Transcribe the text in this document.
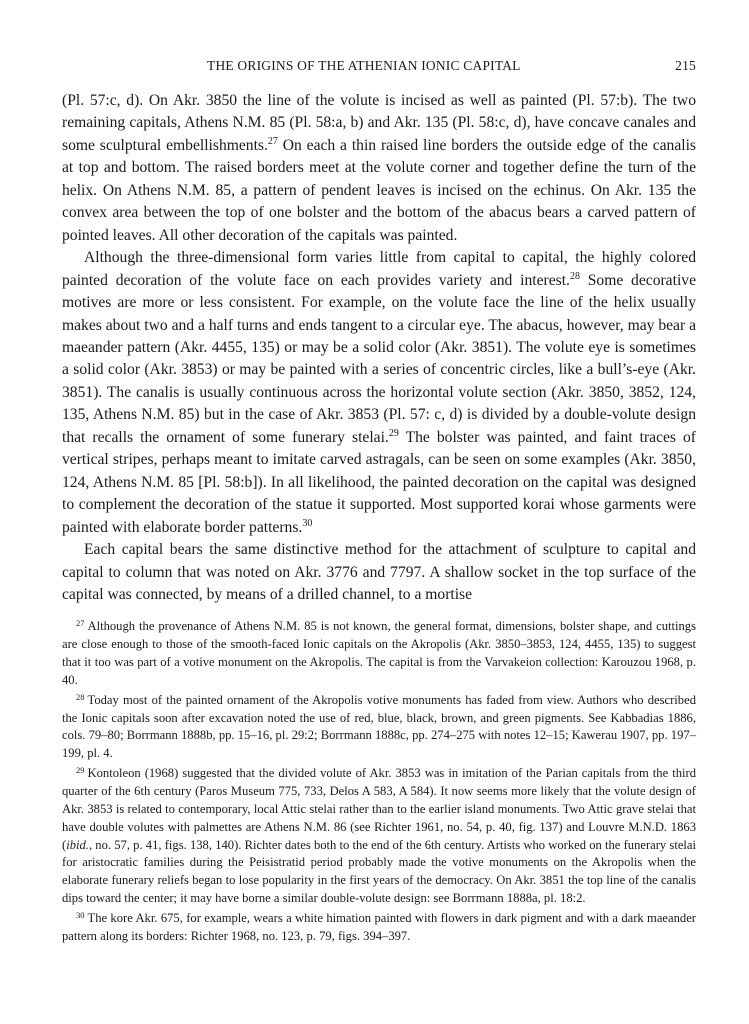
THE ORIGINS OF THE ATHENIAN IONIC CAPITAL	215

(Pl. 57:c, d). On Akr. 3850 the line of the volute is incised as well as painted (Pl. 57:b). The two remaining capitals, Athens N.M. 85 (Pl. 58:a, b) and Akr. 135 (Pl. 58:c, d), have concave canales and some sculptural embellishments.$^{27}$ On each a thin raised line borders the outside edge of the canalis at top and bottom. The raised borders meet at the volute corner and together define the turn of the helix. On Athens N.M. 85, a pattern of pendent leaves is incised on the echinus. On Akr. 135 the convex area between the top of one bolster and the bottom of the abacus bears a carved pattern of pointed leaves. All other decoration of the capitals was painted.

Although the three-dimensional form varies little from capital to capital, the highly colored painted decoration of the volute face on each provides variety and interest.$^{28}$ Some decorative motives are more or less consistent. For example, on the volute face the line of the helix usually makes about two and a half turns and ends tangent to a circular eye. The abacus, however, may bear a maeander pattern (Akr. 4455, 135) or may be a solid color (Akr. 3851). The volute eye is sometimes a solid color (Akr. 3853) or may be painted with a series of concentric circles, like a bull’s-eye (Akr. 3851). The canalis is usually continuous across the horizontal volute section (Akr. 3850, 3852, 124, 135, Athens N.M. 85) but in the case of Akr. 3853 (Pl. 57: c, d) is divided by a double-volute design that recalls the ornament of some funerary stelai.$^{29}$ The bolster was painted, and faint traces of vertical stripes, perhaps meant to imitate carved astragals, can be seen on some examples (Akr. 3850, 124, Athens N.M. 85 [Pl. 58:b]). In all likelihood, the painted decoration on the capital was designed to complement the decoration of the statue it supported. Most supported korai whose garments were painted with elaborate border patterns.$^{30}$

Each capital bears the same distinctive method for the attachment of sculpture to capital and capital to column that was noted on Akr. 3776 and 7797. A shallow socket in the top surface of the capital was connected, by means of a drilled channel, to a mortise

$^{27}$ Although the provenance of Athens N.M. 85 is not known, the general format, dimensions, bolster shape, and cuttings are close enough to those of the smooth-faced Ionic capitals on the Akropolis (Akr. 3850–3853, 124, 4455, 135) to suggest that it too was part of a votive monument on the Akropolis. The capital is from the Varvakeion collection: Karouzou 1968, p. 40.

$^{28}$ Today most of the painted ornament of the Akropolis votive monuments has faded from view. Authors who described the Ionic capitals soon after excavation noted the use of red, blue, black, brown, and green pigments. See Kabbadias 1886, cols. 79–80; Borrmann 1888b, pp. 15–16, pl. 29:2; Borrmann 1888c, pp. 274–275 with notes 12–15; Kawerau 1907, pp. 197–199, pl. 4.

$^{29}$ Kontoleon (1968) suggested that the divided volute of Akr. 3853 was in imitation of the Parian capitals from the third quarter of the 6th century (Paros Museum 775, 733, Delos A 583, A 584). It now seems more likely that the volute design of Akr. 3853 is related to contemporary, local Attic stelai rather than to the earlier island monuments. Two Attic grave stelai that have double volutes with palmettes are Athens N.M. 86 (see Richter 1961, no. 54, p. 40, fig. 137) and Louvre M.N.D. 1863 (ibid., no. 57, p. 41, figs. 138, 140). Richter dates both to the end of the 6th century. Artists who worked on the funerary stelai for aristocratic families during the Peisistratid period probably made the votive monuments on the Akropolis when the elaborate funerary reliefs began to lose popularity in the first years of the democracy. On Akr. 3851 the top line of the canalis dips toward the center; it may have borne a similar double-volute design: see Borrmann 1888a, pl. 18:2.

$^{30}$ The kore Akr. 675, for example, wears a white himation painted with flowers in dark pigment and with a dark maeander pattern along its borders: Richter 1968, no. 123, p. 79, figs. 394–397.
